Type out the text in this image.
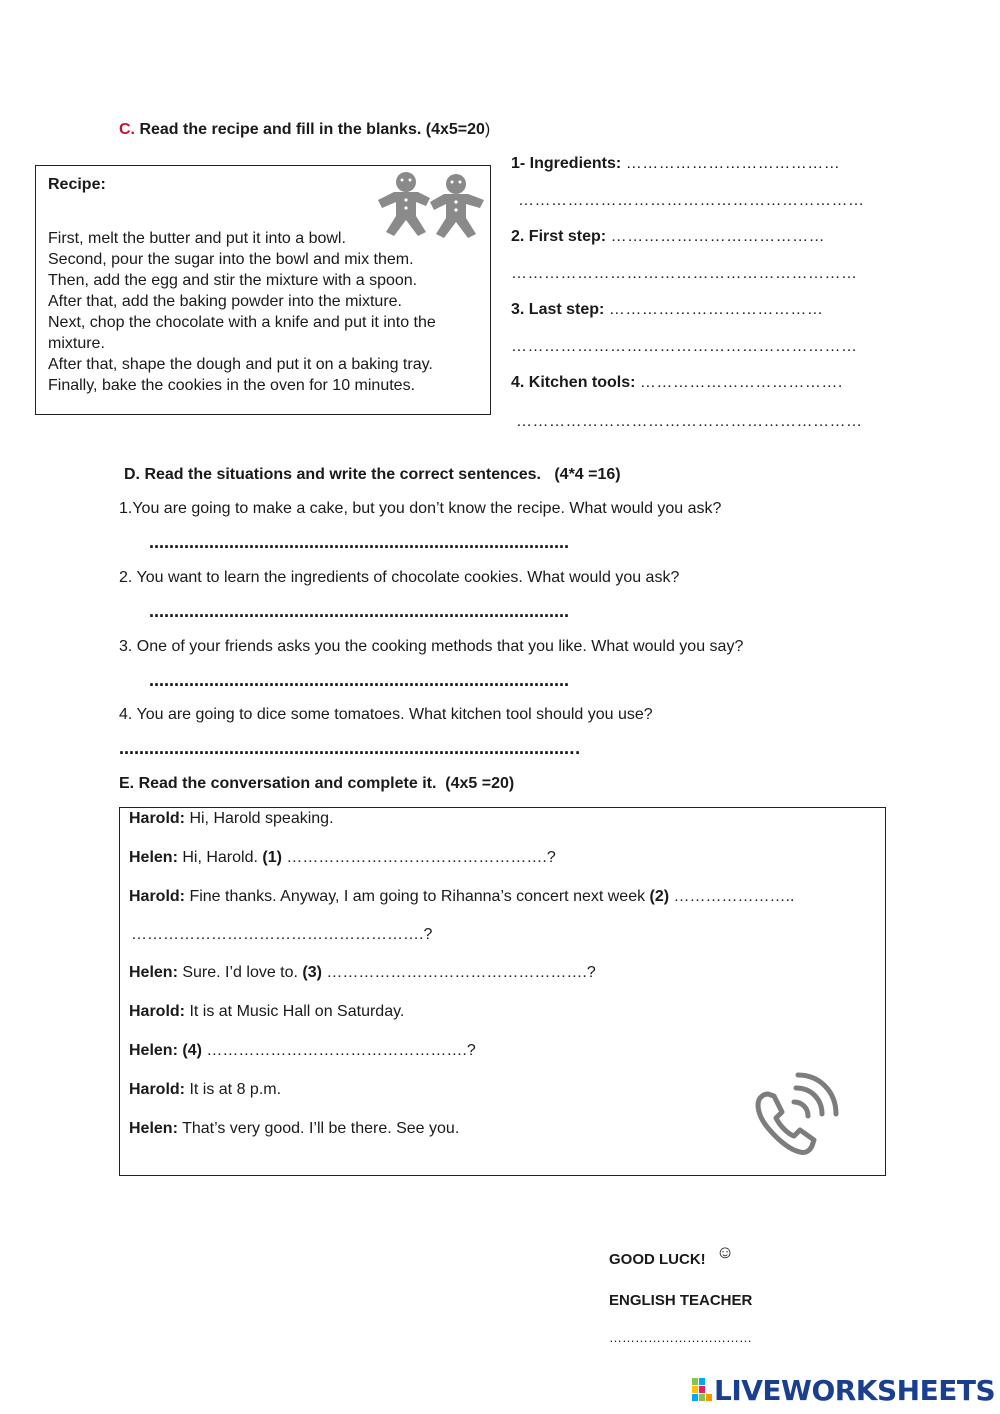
C. Read the recipe and fill in the blanks. (4x5=20)
Recipe:
First, melt the butter and put it into a bowl.
Second, pour the sugar into the bowl and mix them.
Then, add the egg and stir the mixture with a spoon.
After that, add the baking powder into the mixture.
Next, chop the chocolate with a knife and put it into the
mixture.
After that, shape the dough and put it on a baking tray.
Finally, bake the cookies in the oven for 10 minutes.
1- Ingredients: …………………………………
………………………………………………………
2. First step: …………………………………
………………………………………………………
3. Last step: …………………………………
………………………………………………………
4. Kitchen tools: ……………………………….
………………………………………………………
D. Read the situations and write the correct sentences. (4*4 =16)
1.You are going to make a cake, but you don’t know the recipe. What would you ask?
…………………………………………………………………………
2. You want to learn the ingredients of chocolate cookies. What would you ask?
…………………………………………………………………………
3. One of your friends asks you the cooking methods that you like. What would you say?
…………………………………………………………………………
4. You are going to dice some tomatoes. What kitchen tool should you use?
………………………………………………………………………………..
E. Read the conversation and complete it. (4x5 =20)
Harold: Hi, Harold speaking.
Helen: Hi, Harold. (1) ………………………………………….?
Harold: Fine thanks. Anyway, I am going to Rihanna’s concert next week (2) …………………..
……………………………………………….?
Helen: Sure. I’d love to. (3) ………………………………………….?
Harold: It is at Music Hall on Saturday.
Helen: (4) ………………………………………….?
Harold: It is at 8 p.m.
Helen: That’s very good. I’ll be there. See you.
GOOD LUCK! ☺
ENGLISH TEACHER
……………………………
LIVEWORKSHEETS
